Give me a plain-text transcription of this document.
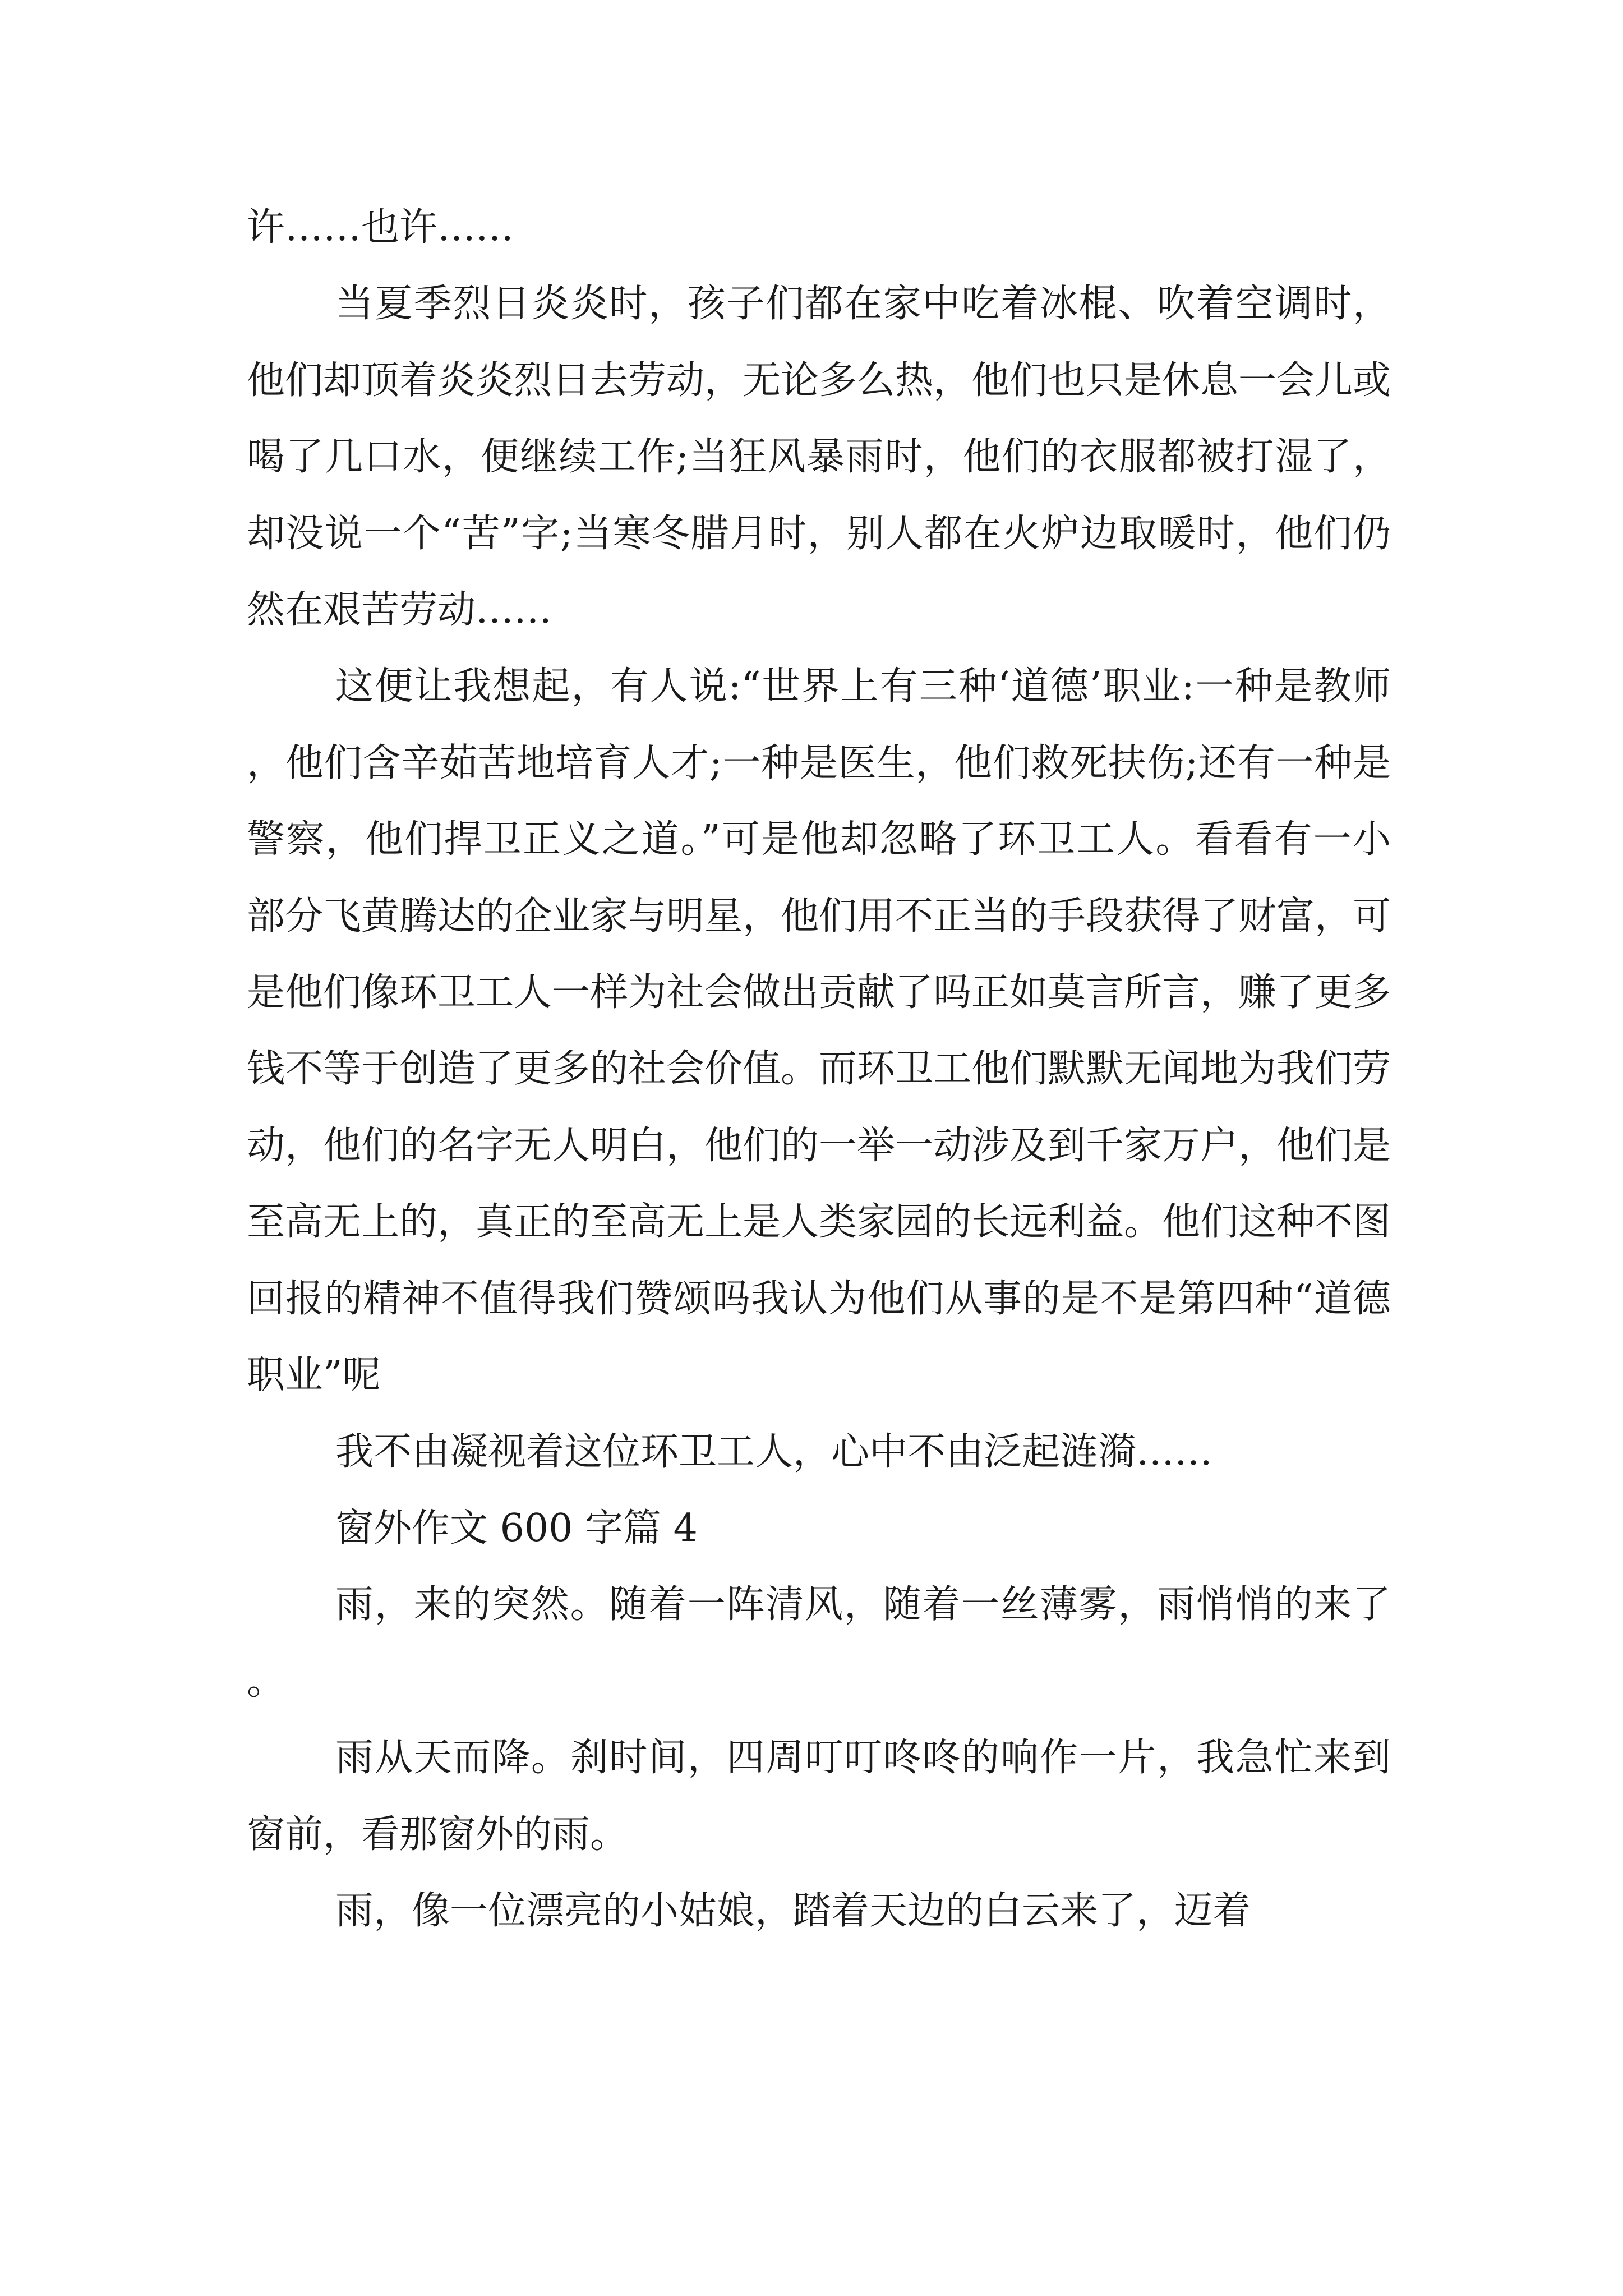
许……也许……

当夏季烈日炎炎时，孩子们都在家中吃着冰棍、吹着空调时，他们却顶着炎炎烈日去劳动，无论多么热，他们也只是休息一会儿或喝了几口水，便继续工作;当狂风暴雨时，他们的衣服都被打湿了，却没说一个“苦”字;当寒冬腊月时，别人都在火炉边取暖时，他们仍然在艰苦劳动……

这便让我想起，有人说:“世界上有三种‘道德’职业:一种是教师，他们含辛茹苦地培育人才;一种是医生，他们救死扶伤;还有一种是警察，他们捍卫正义之道。”可是他却忽略了环卫工人。看看有一小部分飞黄腾达的企业家与明星，他们用不正当的手段获得了财富，可是他们像环卫工人一样为社会做出贡献了吗正如莫言所言，赚了更多钱不等于创造了更多的社会价值。而环卫工他们默默无闻地为我们劳动，他们的名字无人明白，他们的一举一动涉及到千家万户，他们是至高无上的，真正的至高无上是人类家园的长远利益。他们这种不图回报的精神不值得我们赞颂吗我认为他们从事的是不是第四种“道德职业”呢

我不由凝视着这位环卫工人，心中不由泛起涟漪……

窗外作文 600 字篇 4

雨，来的突然。随着一阵清风，随着一丝薄雾，雨悄悄的来了。

雨从天而降。刹时间，四周叮叮咚咚的响作一片，我急忙来到窗前，看那窗外的雨。

雨，像一位漂亮的小姑娘，踏着天边的白云来了，迈着
